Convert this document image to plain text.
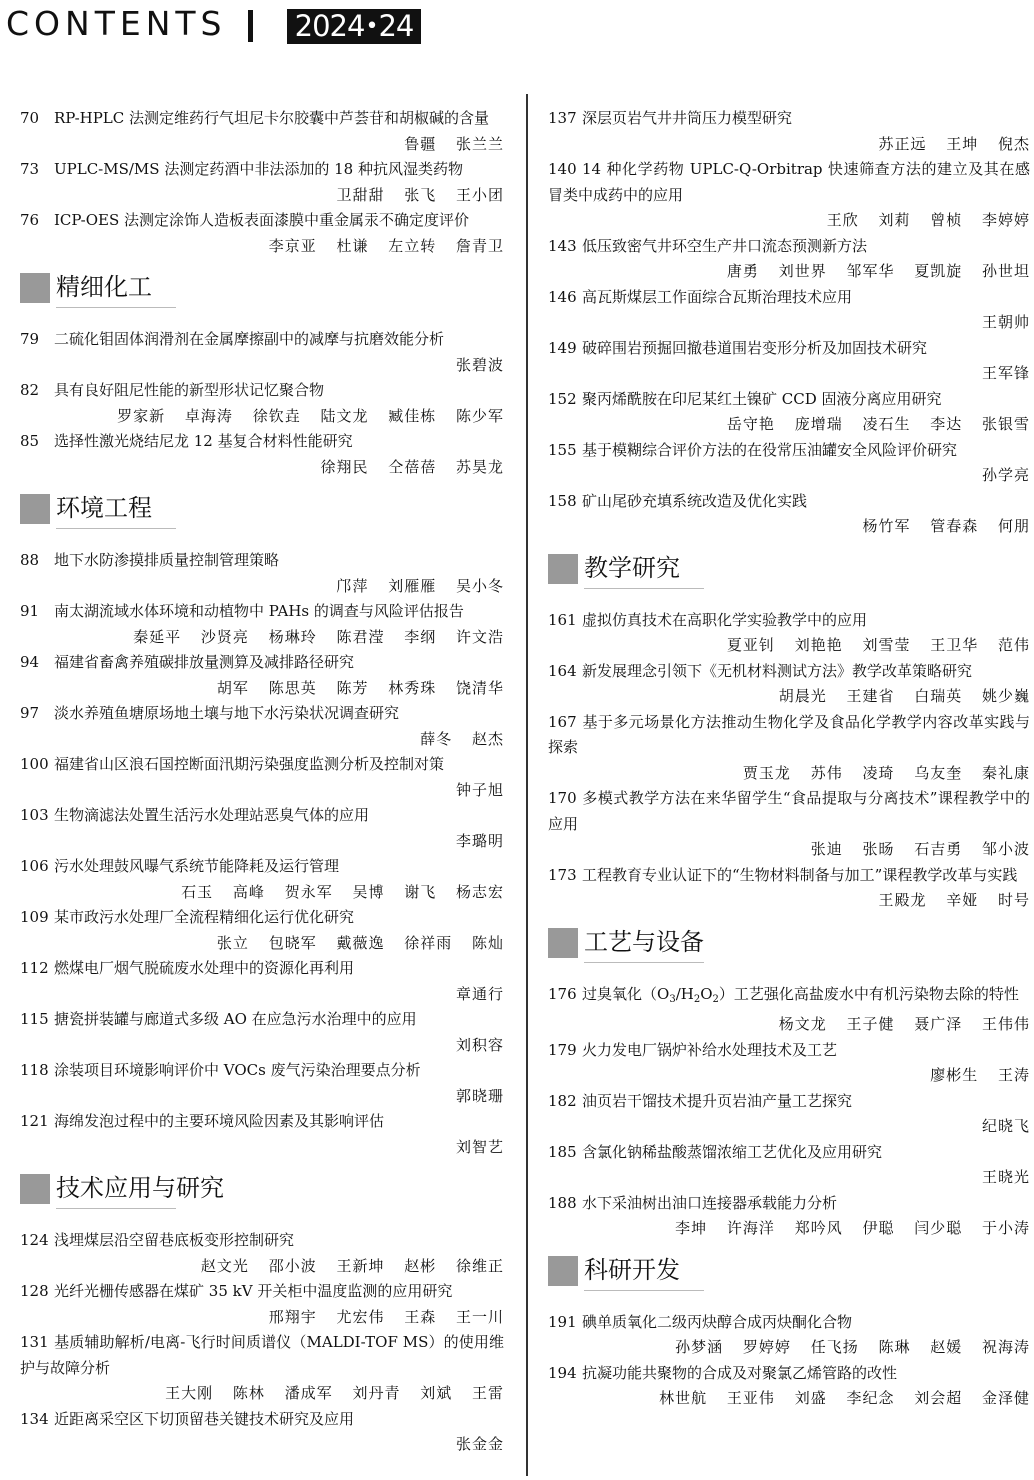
CONTENTS 2024•24
70 RP-HPLC 法测定维药行气坦尼卡尔胶囊中芦荟苷和胡椒碱的含量
鲁疆 张兰兰
73 UPLC-MS/MS 法测定药酒中非法添加的 18 种抗风湿类药物
卫甜甜 张飞 王小团
76 ICP-OES 法测定涂饰人造板表面漆膜中重金属汞不确定度评价
李京亚 杜谦 左立转 詹青卫
精细化工
79 二硫化钼固体润滑剂在金属摩擦副中的减摩与抗磨效能分析
张碧波
82 具有良好阻尼性能的新型形状记忆聚合物
罗家新 卓海涛 徐钦垚 陆文龙 臧佳栋 陈少军
85 选择性激光烧结尼龙 12 基复合材料性能研究
徐翔民 仝蓓蓓 苏昊龙
环境工程
88 地下水防渗摸排质量控制管理策略
邝萍 刘雁雁 吴小冬
91 南太湖流域水体环境和动植物中 PAHs 的调查与风险评估报告
秦延平 沙贤亮 杨琳玲 陈君滢 李纲 许文浩
94 福建省畜禽养殖碳排放量测算及减排路径研究
胡军 陈思英 陈芳 林秀珠 饶清华
97 淡水养殖鱼塘原场地土壤与地下水污染状况调查研究
薛冬 赵杰
100 福建省山区浪石国控断面汛期污染强度监测分析及控制对策
钟子旭
103 生物滴滤法处置生活污水处理站恶臭气体的应用
李璐明
106 污水处理鼓风曝气系统节能降耗及运行管理
石玉 高峰 贺永军 吴博 谢飞 杨志宏
109 某市政污水处理厂全流程精细化运行优化研究
张立 包晓军 戴薇逸 徐祥雨 陈灿
112 燃煤电厂烟气脱硫废水处理中的资源化再利用
章通行
115 搪瓷拼装罐与廊道式多级 AO 在应急污水治理中的应用
刘积容
118 涂装项目环境影响评价中 VOCs 废气污染治理要点分析
郭晓珊
121 海绵发泡过程中的主要环境风险因素及其影响评估
刘智艺
技术应用与研究
124 浅埋煤层沿空留巷底板变形控制研究
赵文光 邵小波 王新坤 赵彬 徐维正
128 光纤光栅传感器在煤矿 35 kV 开关柜中温度监测的应用研究
邢翔宇 尤宏伟 王森 王一川
131 基质辅助解析/电离-飞行时间质谱仪（MALDI-TOF MS）的使用维护与故障分析
王大刚 陈林 潘成军 刘丹青 刘斌 王雷
134 近距离采空区下切顶留巷关键技术研究及应用
张金金
137 深层页岩气井井筒压力模型研究
苏正远 王坤 倪杰
140 14 种化学药物 UPLC-Q-Orbitrap 快速筛查方法的建立及其在感冒类中成药中的应用
王欣 刘莉 曾桢 李婷婷
143 低压致密气井环空生产井口流态预测新方法
唐勇 刘世界 邹军华 夏凯旋 孙世坦
146 高瓦斯煤层工作面综合瓦斯治理技术应用
王朝帅
149 破碎围岩预掘回撤巷道围岩变形分析及加固技术研究
王军锋
152 聚丙烯酰胺在印尼某红土镍矿 CCD 固液分离应用研究
岳守艳 庞增瑞 凌石生 李达 张银雪
155 基于模糊综合评价方法的在役常压油罐安全风险评价研究
孙学亮
158 矿山尾砂充填系统改造及优化实践
杨竹军 管春森 何朋
教学研究
161 虚拟仿真技术在高职化学实验教学中的应用
夏亚钊 刘艳艳 刘雪莹 王卫华 范伟
164 新发展理念引领下《无机材料测试方法》教学改革策略研究
胡晨光 王建省 白瑞英 姚少巍
167 基于多元场景化方法推动生物化学及食品化学教学内容改革实践与探索
贾玉龙 苏伟 凌琦 乌友奎 秦礼康
170 多模式教学方法在来华留学生“食品提取与分离技术”课程教学中的应用
张迪 张旸 石吉勇 邹小波
173 工程教育专业认证下的“生物材料制备与加工”课程教学改革与实践
王殿龙 辛娅 时号
工艺与设备
176 过臭氧化$(O_3/H_2O_2)$工艺强化高盐废水中有机污染物去除的特性
杨文龙 王子健 聂广泽 王伟伟
179 火力发电厂锅炉补给水处理技术及工艺
廖彬生 王涛
182 油页岩干馏技术提升页岩油产量工艺探究
纪晓飞
185 含氯化钠稀盐酸蒸馏浓缩工艺优化及应用研究
王晓光
188 水下采油树出油口连接器承载能力分析
李坤 许海洋 郑吟风 伊聪 闫少聪 于小涛
科研开发
191 碘单质氧化二级丙炔醇合成丙炔酮化合物
孙梦涵 罗婷婷 任飞扬 陈琳 赵媛 祝海涛
194 抗凝功能共聚物的合成及对聚氯乙烯管路的改性
林世航 王亚伟 刘盛 李纪念 刘会超 金泽健
